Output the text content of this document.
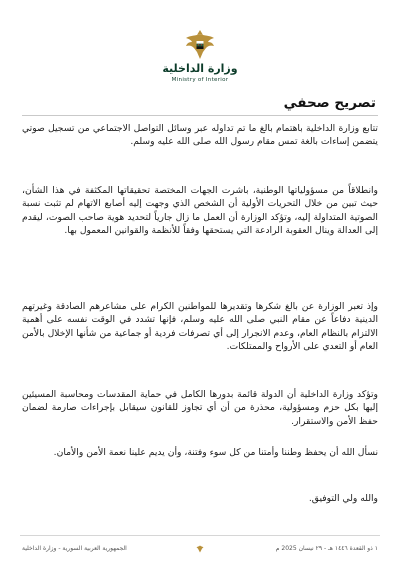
وزارة الداخلية
Ministry of Interior
تصريح صحفي

تتابع وزارة الداخلية باهتمام بالغ ما تم تداوله عبر وسائل التواصل الاجتماعي من تسجيل صوتي يتضمن إساءات بالغة تمس مقام رسول الله صلى الله عليه وسلم.

وانطلاقاً من مسؤولياتها الوطنية، باشرت الجهات المختصة تحقيقاتها المكثفة في هذا الشأن، حيث تبين من خلال التحريات الأولية أن الشخص الذي وجهت إليه أصابع الاتهام لم تثبت نسبة الصوتية المتداولة إليه، وتؤكد الوزارة أن العمل ما زال جارياً لتحديد هوية صاحب الصوت، ليقدم إلى العدالة وينال العقوبة الرادعة التي يستحقها وفقاً للأنظمة والقوانين المعمول بها.

وإذ تعبر الوزارة عن بالغ شكرها وتقديرها للمواطنين الكرام على مشاعرهم الصادقة وغيرتهم الدينية دفاعاً عن مقام النبي صلى الله عليه وسلم، فإنها تشدد في الوقت نفسه على أهمية الالتزام بالنظام العام، وعدم الانجرار إلى أي تصرفات فردية أو جماعية من شأنها الإخلال بالأمن العام أو التعدي على الأرواح والممتلكات.

وتؤكد وزارة الداخلية أن الدولة قائمة بدورها الكامل في حماية المقدسات ومحاسبة المسيئين إليها بكل حزم ومسؤولية، محذرة من أن أي تجاوز للقانون سيقابل بإجراءات صارمة لضمان حفظ الأمن والاستقرار.

نسأل الله أن يحفظ وطننا وأمتنا من كل سوء وفتنة، وأن يديم علينا نعمة الأمن والأمان.

والله ولي التوفيق.

١ ذو القعدة ١٤٤٦ هـ - ٢٩ نيسان 2025 م
الجمهورية العربية السورية - وزارة الداخلية
